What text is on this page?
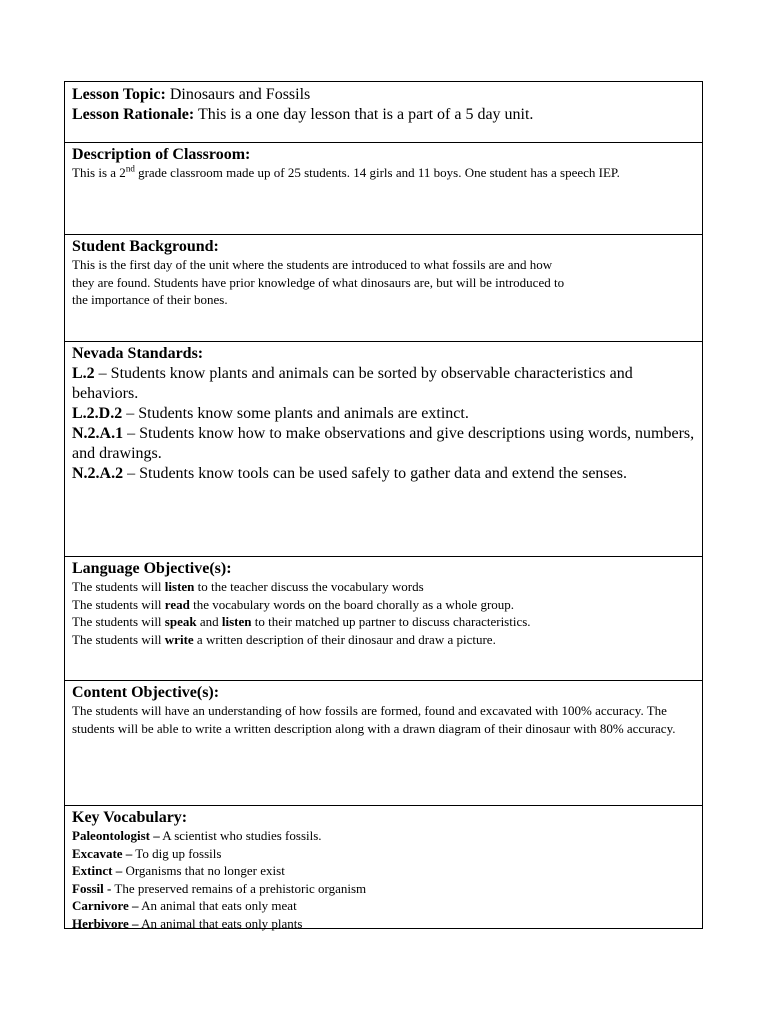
Lesson Topic: Dinosaurs and Fossils

Lesson Rationale: This is a one day lesson that is a part of a 5 day unit.

Description of Classroom:

This is a 2nd grade classroom made up of 25 students. 14 girls and 11 boys. One student has a speech IEP.

Student Background:

This is the first day of the unit where the students are introduced to what fossils are and how

they are found. Students have prior knowledge of what dinosaurs are, but will be introduced to

the importance of their bones.

Nevada Standards:

L.2 – Students know plants and animals can be sorted by observable characteristics and behaviors.

L.2.D.2 – Students know some plants and animals are extinct.

N.2.A.1 – Students know how to make observations and give descriptions using words, numbers, and drawings.

N.2.A.2 – Students know tools can be used safely to gather data and extend the senses.

Language Objective(s):

The students will listen to the teacher discuss the vocabulary words

The students will read the vocabulary words on the board chorally as a whole group.

The students will speak and listen to their matched up partner to discuss characteristics.

The students will write a written description of their dinosaur and draw a picture.

Content Objective(s):

The students will have an understanding of how fossils are formed, found and excavated with 100% accuracy. The students will be able to write a written description along with a drawn diagram of their dinosaur with 80% accuracy.

Key Vocabulary:

Paleontologist – A scientist who studies fossils.

Excavate – To dig up fossils

Extinct – Organisms that no longer exist

Fossil - The preserved remains of a prehistoric organism

Carnivore – An animal that eats only meat

Herbivore – An animal that eats only plants
